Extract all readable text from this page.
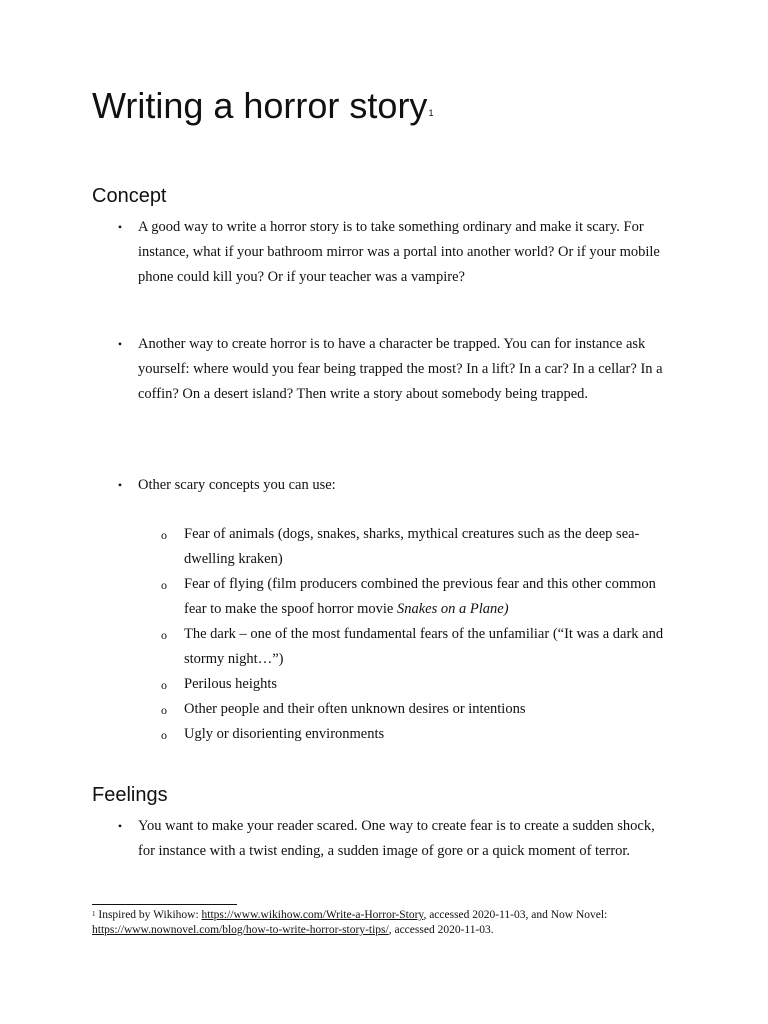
Writing a horror story1
Concept
• A good way to write a horror story is to take something ordinary and make it scary. For instance, what if your bathroom mirror was a portal into another world? Or if your mobile phone could kill you? Or if your teacher was a vampire?
• Another way to create horror is to have a character be trapped. You can for instance ask yourself: where would you fear being trapped the most? In a lift? In a car? In a cellar? In a coffin? On a desert island? Then write a story about somebody being trapped.
• Other scary concepts you can use:
o Fear of animals (dogs, snakes, sharks, mythical creatures such as the deep sea-dwelling kraken)
o Fear of flying (film producers combined the previous fear and this other common fear to make the spoof horror movie Snakes on a Plane)
o The dark – one of the most fundamental fears of the unfamiliar (“It was a dark and stormy night…”)
o Perilous heights
o Other people and their often unknown desires or intentions
o Ugly or disorienting environments
Feelings
• You want to make your reader scared. One way to create fear is to create a sudden shock, for instance with a twist ending, a sudden image of gore or a quick moment of terror.
$^1$ Inspired by Wikihow: https://www.wikihow.com/Write-a-Horror-Story, accessed 2020-11-03, and Now Novel: https://www.nownovel.com/blog/how-to-write-horror-story-tips/, accessed 2020-11-03.
